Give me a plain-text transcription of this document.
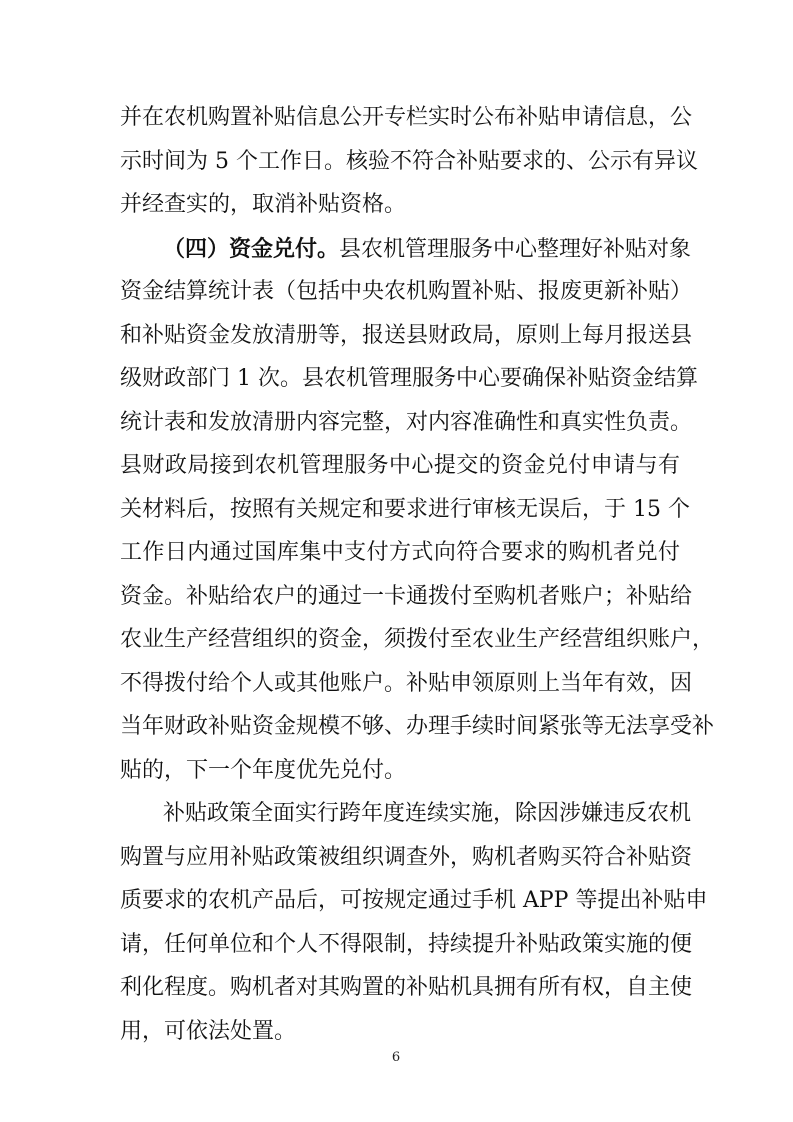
并在农机购置补贴信息公开专栏实时公布补贴申请信息，公
示时间为 5 个工作日。核验不符合补贴要求的、公示有异议
并经查实的，取消补贴资格。
（四）资金兑付。县农机管理服务中心整理好补贴对象
资金结算统计表（包括中央农机购置补贴、报废更新补贴）
和补贴资金发放清册等，报送县财政局，原则上每月报送县
级财政部门 1 次。县农机管理服务中心要确保补贴资金结算
统计表和发放清册内容完整，对内容准确性和真实性负责。
县财政局接到农机管理服务中心提交的资金兑付申请与有
关材料后，按照有关规定和要求进行审核无误后，于 15 个
工作日内通过国库集中支付方式向符合要求的购机者兑付
资金。补贴给农户的通过一卡通拨付至购机者账户；补贴给
农业生产经营组织的资金，须拨付至农业生产经营组织账户，
不得拨付给个人或其他账户。补贴申领原则上当年有效，因
当年财政补贴资金规模不够、办理手续时间紧张等无法享受补
贴的，下一个年度优先兑付。
补贴政策全面实行跨年度连续实施，除因涉嫌违反农机
购置与应用补贴政策被组织调查外，购机者购买符合补贴资
质要求的农机产品后，可按规定通过手机 APP 等提出补贴申
请，任何单位和个人不得限制，持续提升补贴政策实施的便
利化程度。购机者对其购置的补贴机具拥有所有权，自主使
用，可依法处置。
6
